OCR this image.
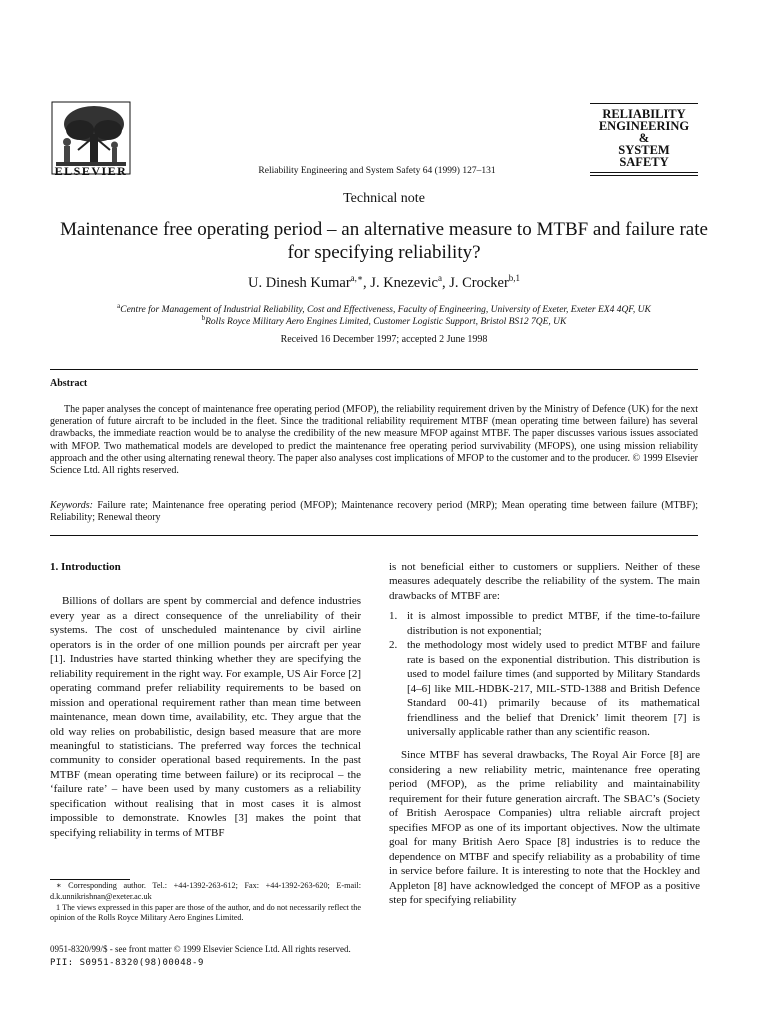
ELSEVIER	Reliability Engineering and System Safety 64 (1999) 127–131
RELIABILITY
ENGINEERING
&
SYSTEM
SAFETY
Technical note
Maintenance free operating period – an alternative measure to MTBF and failure rate for specifying reliability?
U. Dinesh Kumar$^{a,∗}$, J. Knezevic$^a$, J. Crocker$^{b,1}$
$^a$Centre for Management of Industrial Reliability, Cost and Effectiveness, Faculty of Engineering, University of Exeter, Exeter EX4 4QF, UK
$^b$Rolls Royce Military Aero Engines Limited, Customer Logistic Support, Bristol BS12 7QE, UK
Received 16 December 1997; accepted 2 June 1998
Abstract
The paper analyses the concept of maintenance free operating period (MFOP), the reliability requirement driven by the Ministry of Defence (UK) for the next generation of future aircraft to be included in the fleet. Since the traditional reliability requirement MTBF (mean operating time between failure) has several drawbacks, the immediate reaction would be to analyse the credibility of the new measure MFOP against MTBF. The paper discusses various issues associated with MFOP. Two mathematical models are developed to predict the maintenance free operating period survivability (MFOPS), one using mission reliability approach and the other using alternating renewal theory. The paper also analyses cost implications of MFOP to the customer and to the producer. © 1999 Elsevier Science Ltd. All rights reserved.
Keywords: Failure rate; Maintenance free operating period (MFOP); Maintenance recovery period (MRP); Mean operating time between failure (MTBF); Reliability; Renewal theory
1. Introduction

Billions of dollars are spent by commercial and defence industries every year as a direct consequence of the unreliability of their systems. The cost of unscheduled maintenance by civil airline operators is in the order of one million pounds per aircraft per year [1]. Industries have started thinking whether they are specifying the reliability requirement in the right way. For example, US Air Force [2] operating command prefer reliability requirements to be based on mission and operational requirement rather than mean time between maintenance, mean down time, availability, etc. They argue that the old way relies on probabilistic, design based measure that are more meaningful to statisticians. The preferred way forces the technical community to consider operational based requirements. In the past MTBF (mean operating time between failure) or its reciprocal – the ‘failure rate’ – have been used by many customers as a reliability specification without realising that in most cases it is almost impossible to demonstrate. Knowles [3] makes the point that specifying reliability in terms of MTBF

is not beneficial either to customers or suppliers. Neither of these measures adequately describe the reliability of the system. The main drawbacks of MTBF are:

1. it is almost impossible to predict MTBF, if the time-to-failure distribution is not exponential;
2. the methodology most widely used to predict MTBF and failure rate is based on the exponential distribution. This distribution is used to model failure times (and supported by Military Standards [4–6] like MIL-HDBK-217, MIL-STD-1388 and British Defence Standard 00-41) primarily because of its mathematical friendliness and the belief that Drenick’ limit theorem [7] is universally applicable rather than any scientific reason.

Since MTBF has several drawbacks, The Royal Air Force [8] are considering a new reliability metric, maintenance free operating period (MFOP), as the prime reliability and maintainability requirement for their future generation aircraft. The SBAC’s (Society of British Aerospace Companies) ultra reliable aircraft project specifies MFOP as one of its important objectives. Now the ultimate goal for many British Aero Space [8] industries is to reduce the dependence on MTBF and specify reliability as a probability of time in service before failure. It is interesting to note that the Hockley and Appleton [8] have acknowledged the concept of MFOP as a positive step for specifying reliability

∗ Corresponding author. Tel.: +44-1392-263-612; Fax: +44-1392-263-620; E-mail: d.k.unnikrishnan@exeter.ac.uk

1 The views expressed in this paper are those of the author, and do not necessarily reflect the opinion of the Rolls Royce Military Aero Engines Limited.

0951-8320/99/$ - see front matter © 1999 Elsevier Science Ltd. All rights reserved.
PII: S0951-8320(98)00048-9
